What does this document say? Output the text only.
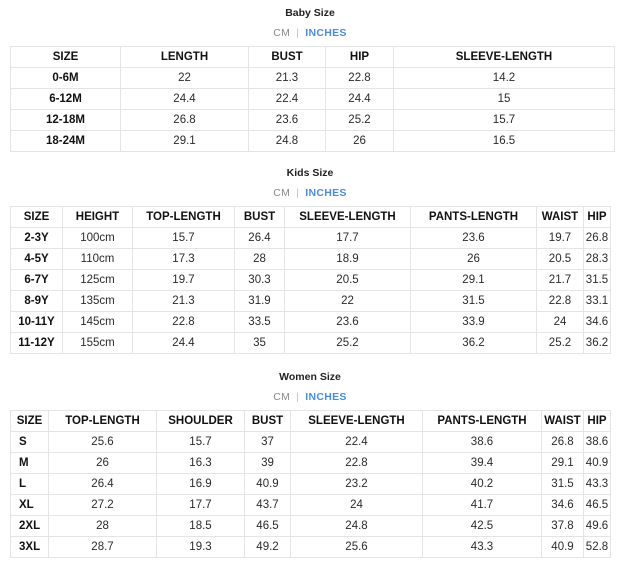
Baby Size
CM | INCHES
SIZE	LENGTH	BUST	HIP	SLEEVE-LENGTH
0-6M	22	21.3	22.8	14.2
6-12M	24.4	22.4	24.4	15
12-18M	26.8	23.6	25.2	15.7
18-24M	29.1	24.8	26	16.5
Kids Size
CM | INCHES
SIZE	HEIGHT	TOP-LENGTH	BUST	SLEEVE-LENGTH	PANTS-LENGTH	WAIST	HIP
2-3Y	100cm	15.7	26.4	17.7	23.6	19.7	26.8
4-5Y	110cm	17.3	28	18.9	26	20.5	28.3
6-7Y	125cm	19.7	30.3	20.5	29.1	21.7	31.5
8-9Y	135cm	21.3	31.9	22	31.5	22.8	33.1
10-11Y	145cm	22.8	33.5	23.6	33.9	24	34.6
11-12Y	155cm	24.4	35	25.2	36.2	25.2	36.2
Women Size
CM | INCHES
SIZE	TOP-LENGTH	SHOULDER	BUST	SLEEVE-LENGTH	PANTS-LENGTH	WAIST	HIP
S	25.6	15.7	37	22.4	38.6	26.8	38.6
M	26	16.3	39	22.8	39.4	29.1	40.9
L	26.4	16.9	40.9	23.2	40.2	31.5	43.3
XL	27.2	17.7	43.7	24	41.7	34.6	46.5
2XL	28	18.5	46.5	24.8	42.5	37.8	49.6
3XL	28.7	19.3	49.2	25.6	43.3	40.9	52.8
